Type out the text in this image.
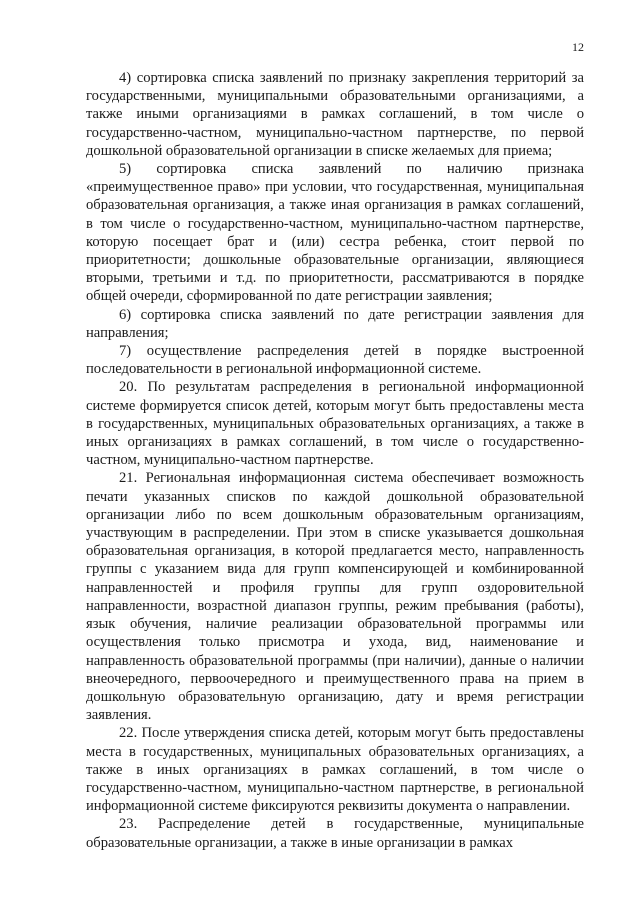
12

4) сортировка списка заявлений по признаку закрепления территорий за государственными, муниципальными образовательными организациями, а также иными организациями в рамках соглашений, в том числе о государственно-частном, муниципально-частном партнерстве, по первой дошкольной образовательной организации в списке желаемых для приема;

5) сортировка списка заявлений по наличию признака «преимущественное право» при условии, что государственная, муниципальная образовательная организация, а также иная организация в рамках соглашений, в том числе о государственно-частном, муниципально-частном партнерстве, которую посещает брат и (или) сестра ребенка, стоит первой по приоритетности; дошкольные образовательные организации, являющиеся вторыми, третьими и т.д. по приоритетности, рассматриваются в порядке общей очереди, сформированной по дате регистрации заявления;

6) сортировка списка заявлений по дате регистрации заявления для направления;

7) осуществление распределения детей в порядке выстроенной последовательности в региональной информационной системе.

20. По результатам распределения в региональной информационной системе формируется список детей, которым могут быть предоставлены места в государственных, муниципальных образовательных организациях, а также в иных организациях в рамках соглашений, в том числе о государственно-частном, муниципально-частном партнерстве.

21. Региональная информационная система обеспечивает возможность печати указанных списков по каждой дошкольной образовательной организации либо по всем дошкольным образовательным организациям, участвующим в распределении. При этом в списке указывается дошкольная образовательная организация, в которой предлагается место, направленность группы с указанием вида для групп компенсирующей и комбинированной направленностей и профиля группы для групп оздоровительной направленности, возрастной диапазон группы, режим пребывания (работы), язык обучения, наличие реализации образовательной программы или осуществления только присмотра и ухода, вид, наименование и направленность образовательной программы (при наличии), данные о наличии внеочередного, первоочередного и преимущественного права на прием в дошкольную образовательную организацию, дату и время регистрации заявления.

22. После утверждения списка детей, которым могут быть предоставлены места в государственных, муниципальных образовательных организациях, а также в иных организациях в рамках соглашений, в том числе о государственно-частном, муниципально-частном партнерстве, в региональной информационной системе фиксируются реквизиты документа о направлении.

23. Распределение детей в государственные, муниципальные образовательные организации, а также в иные организации в рамках
